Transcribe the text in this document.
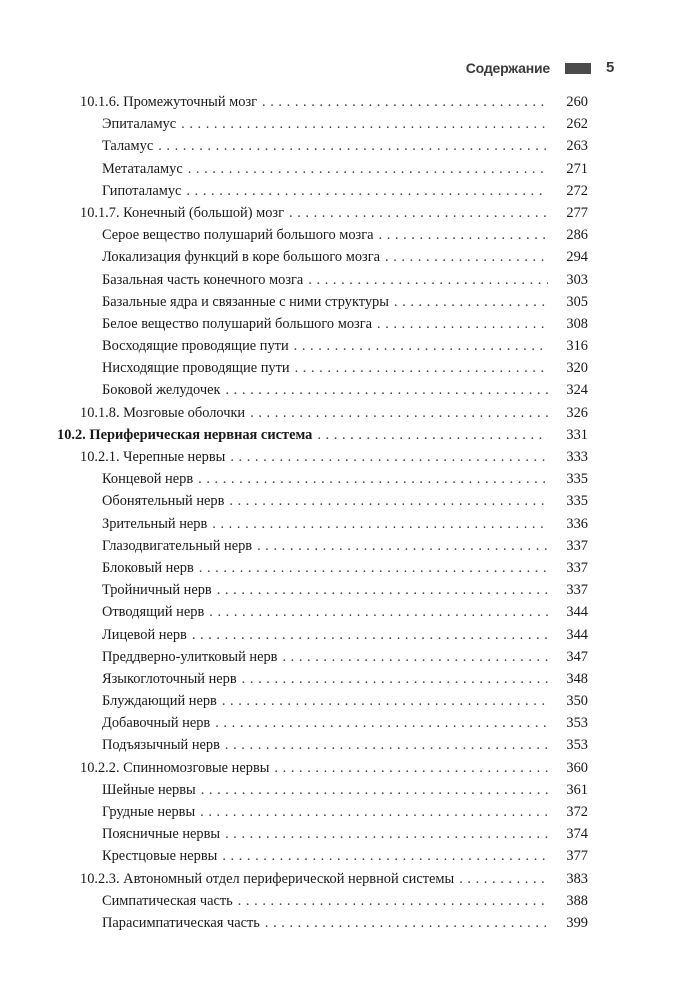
Содержание	5
10.1.6. Промежуточный мозг . . .	260
Эпиталамус . . .	262
Таламус . . .	263
Метаталамус . . .	271
Гипоталамус . . .	272
10.1.7. Конечный (большой) мозг . . .	277
Серое вещество полушарий большого мозга . . .	286
Локализация функций в коре большого мозга . . .	294
Базальная часть конечного мозга . . .	303
Базальные ядра и связанные с ними структуры . . .	305
Белое вещество полушарий большого мозга . . .	308
Восходящие проводящие пути . . .	316
Нисходящие проводящие пути . . .	320
Боковой желудочек . . .	324
10.1.8. Мозговые оболочки . . .	326
10.2. Периферическая нервная система . . .	331
10.2.1. Черепные нервы . . .	333
Концевой нерв . . .	335
Обонятельный нерв . . .	335
Зрительный нерв . . .	336
Глазодвигательный нерв . . .	337
Блоковый нерв . . .	337
Тройничный нерв . . .	337
Отводящий нерв . . .	344
Лицевой нерв . . .	344
Преддверно-улитковый нерв . . .	347
Языкоглоточный нерв . . .	348
Блуждающий нерв . . .	350
Добавочный нерв . . .	353
Подъязычный нерв . . .	353
10.2.2. Спинномозговые нервы . . .	360
Шейные нервы . . .	361
Грудные нервы . . .	372
Поясничные нервы . . .	374
Крестцовые нервы . . .	377
10.2.3. Автономный отдел периферической нервной системы . . .	383
Симпатическая часть . . .	388
Парасимпатическая часть . . .	399
